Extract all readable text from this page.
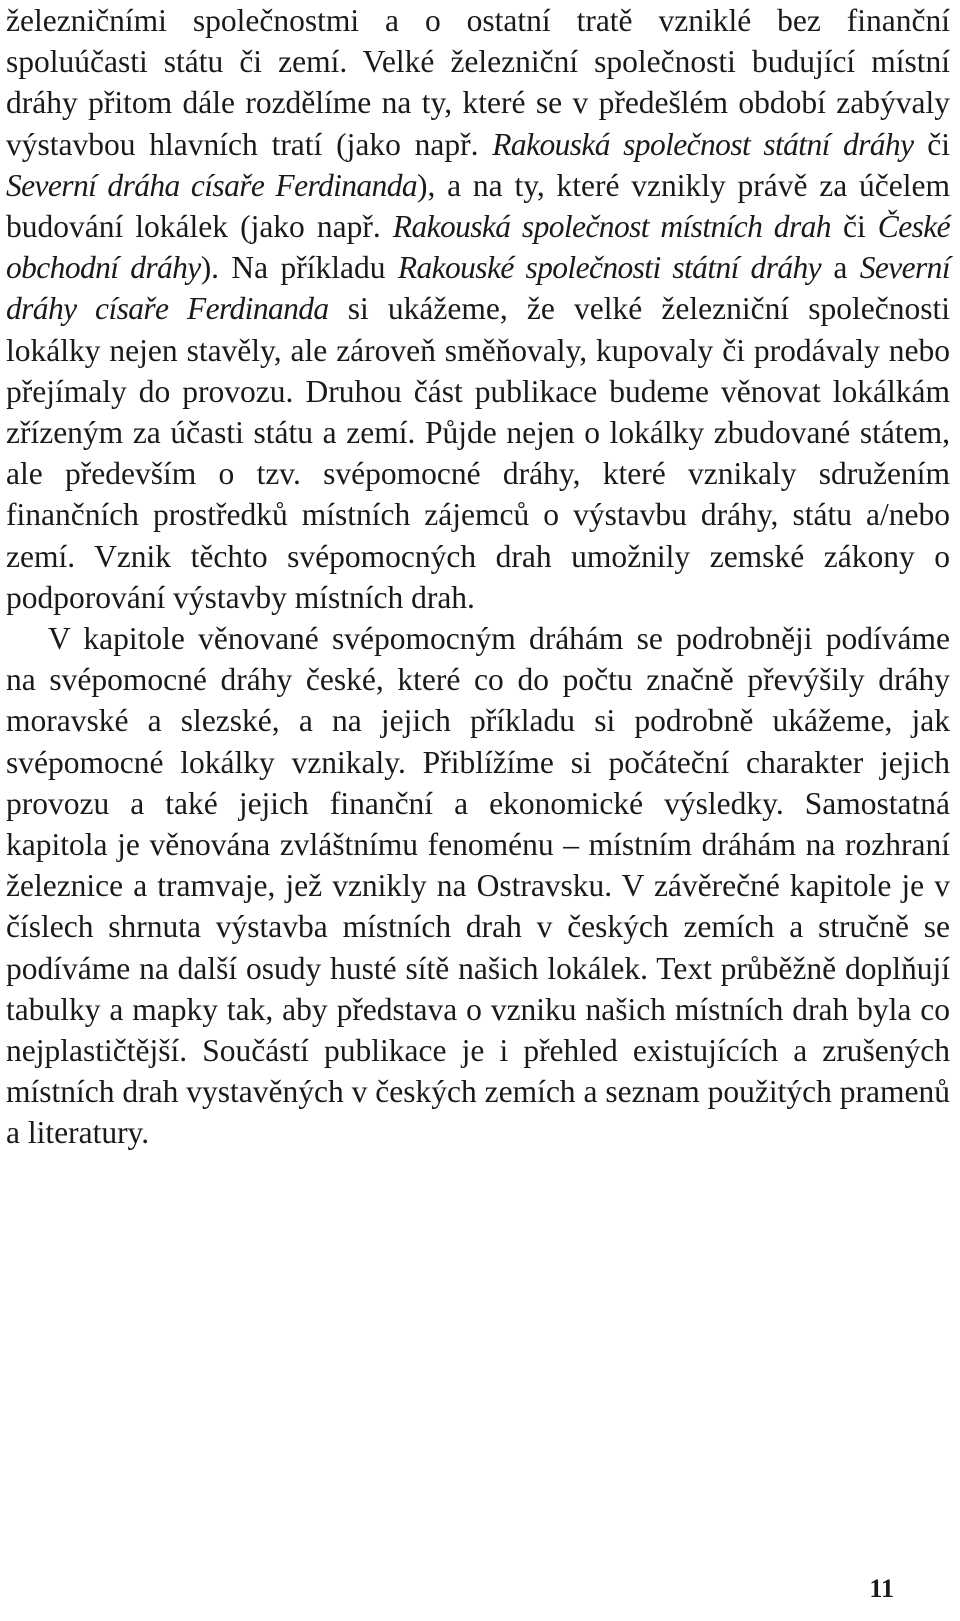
železničními společnostmi a o ostatní tratě vzniklé bez finanční spoluúčasti státu či zemí. Velké železniční společnosti budující místní dráhy přitom dále rozdělíme na ty, které se v předešlém období zabývaly výstavbou hlavních tratí (jako např. Rakouská společnost státní dráhy či Severní dráha císaře Ferdinanda), a na ty, které vznikly právě za účelem budování lokálek (jako např. Rakouská společnost místních drah či České obchodní dráhy). Na příkladu Rakouské společnosti státní dráhy a Severní dráhy císaře Ferdinanda si ukážeme, že velké železniční společnosti lokálky nejen stavěly, ale zároveň směňovaly, kupovaly či prodávaly nebo přejímaly do provozu. Druhou část publikace budeme věnovat lokálkám zřízeným za účasti státu a zemí. Půjde nejen o lokálky zbudované státem, ale především o tzv. svépomocné dráhy, které vznikaly sdružením finančních prostředků místních zájemců o výstavbu dráhy, státu a/nebo zemí. Vznik těchto svépomocných drah umožnily zemské zákony o podporování výstavby místních drah.

V kapitole věnované svépomocným dráhám se podrobněji podíváme na svépomocné dráhy české, které co do počtu značně převýšily dráhy moravské a slezské, a na jejich příkladu si podrobně ukážeme, jak svépomocné lokálky vznikaly. Přiblížíme si počáteční charakter jejich provozu a také jejich finanční a ekonomické výsledky. Samostatná kapitola je věnována zvláštnímu fenoménu – místním dráhám na rozhraní železnice a tramvaje, jež vznikly na Ostravsku. V závěrečné kapitole je v číslech shrnuta výstavba místních drah v českých zemích a stručně se podíváme na další osudy husté sítě našich lokálek. Text průběžně doplňují tabulky a mapky tak, aby představa o vzniku našich místních drah byla co nejplastičtější. Součástí publikace je i přehled existujících a zrušených místních drah vystavěných v českých zemích a seznam použitých pramenů a literatury.

11
